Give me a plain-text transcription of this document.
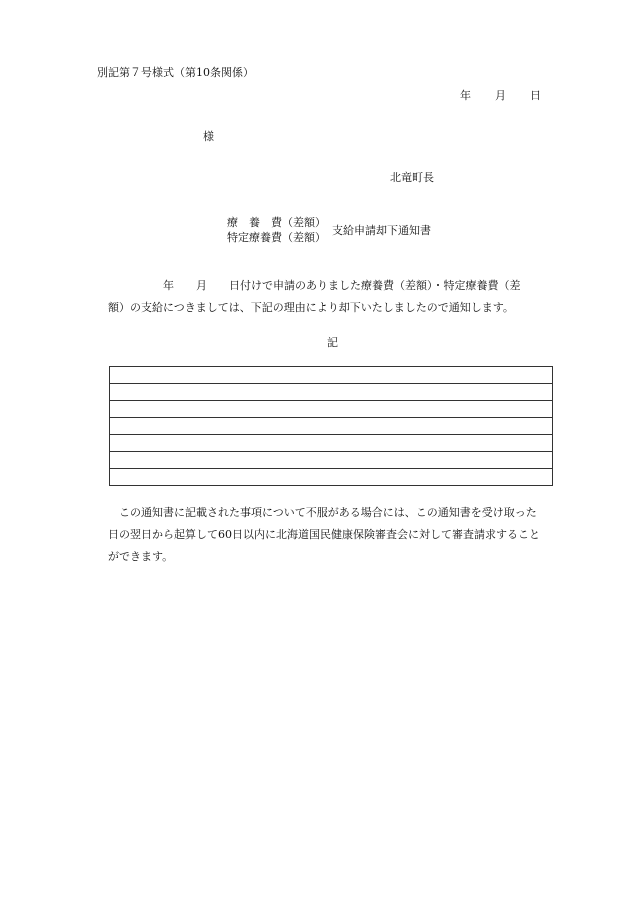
別記第７号様式（第10条関係）
年 月 日
様
北竜町長
療　養　費（差額）
特定療養費（差額）
支給申請却下通知書
　　　　　年　　月　　日付けで申請のありました療養費（差額）・特定療養費（差
額）の支給につきましては、下記の理由により却下いたしましたので通知します。
記

　この通知書に記載された事項について不服がある場合には、この通知書を受け取った
日の翌日から起算して60日以内に北海道国民健康保険審査会に対して審査請求すること
ができます。
